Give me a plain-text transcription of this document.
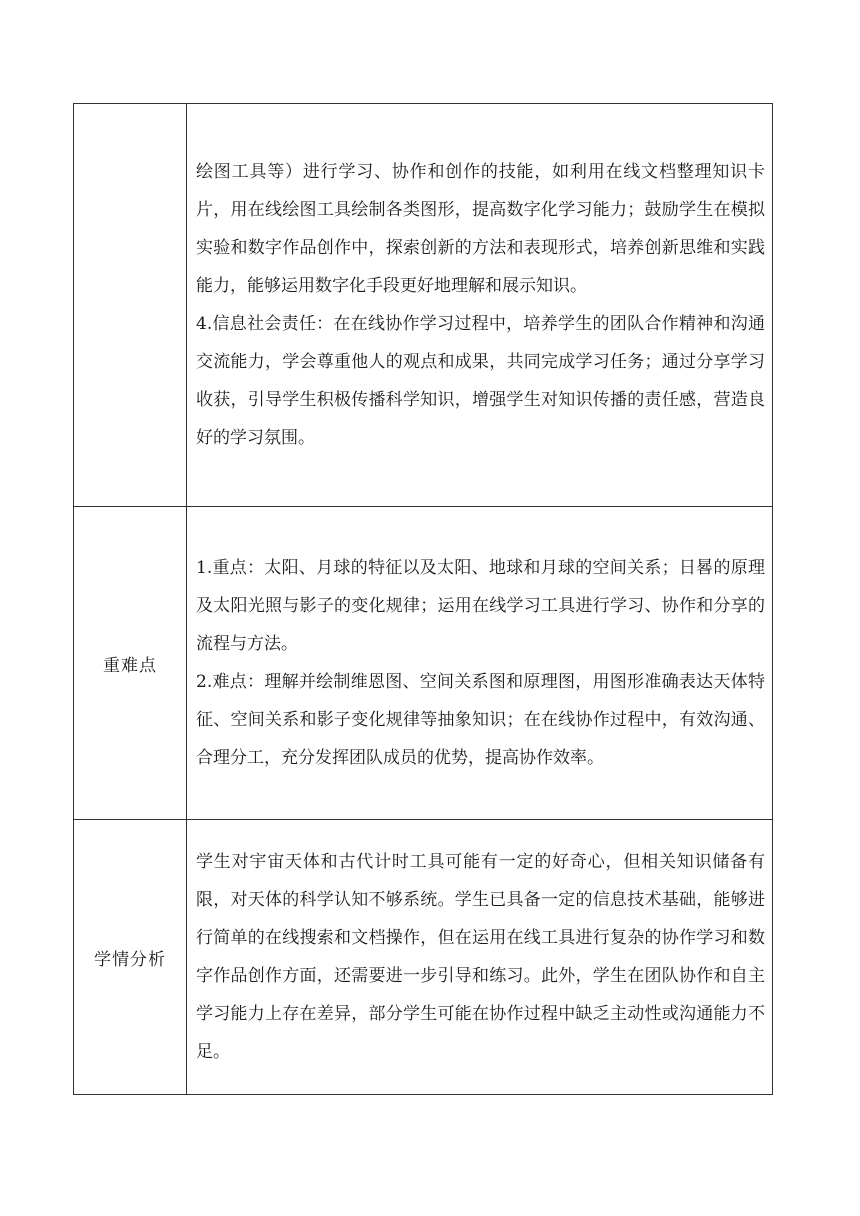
	绘图工具等）进行学习、协作和创作的技能，如利用在线文档整理知识卡片，用在线绘图工具绘制各类图形，提高数字化学习能力；鼓励学生在模拟实验和数字作品创作中，探索创新的方法和表现形式，培养创新思维和实践能力，能够运用数字化手段更好地理解和展示知识。

4.信息社会责任：在在线协作学习过程中，培养学生的团队合作精神和沟通交流能力，学会尊重他人的观点和成果，共同完成学习任务；通过分享学习收获，引导学生积极传播科学知识，增强学生对知识传播的责任感，营造良好的学习氛围。

重难点	1.重点：太阳、月球的特征以及太阳、地球和月球的空间关系；日晷的原理及太阳光照与影子的变化规律；运用在线学习工具进行学习、协作和分享的流程与方法。

2.难点：理解并绘制维恩图、空间关系图和原理图，用图形准确表达天体特征、空间关系和影子变化规律等抽象知识；在在线协作过程中，有效沟通、合理分工，充分发挥团队成员的优势，提高协作效率。

学情分析	学生对宇宙天体和古代计时工具可能有一定的好奇心，但相关知识储备有限，对天体的科学认知不够系统。学生已具备一定的信息技术基础，能够进行简单的在线搜索和文档操作，但在运用在线工具进行复杂的协作学习和数字作品创作方面，还需要进一步引导和练习。此外，学生在团队协作和自主学习能力上存在差异，部分学生可能在协作过程中缺乏主动性或沟通能力不足。
